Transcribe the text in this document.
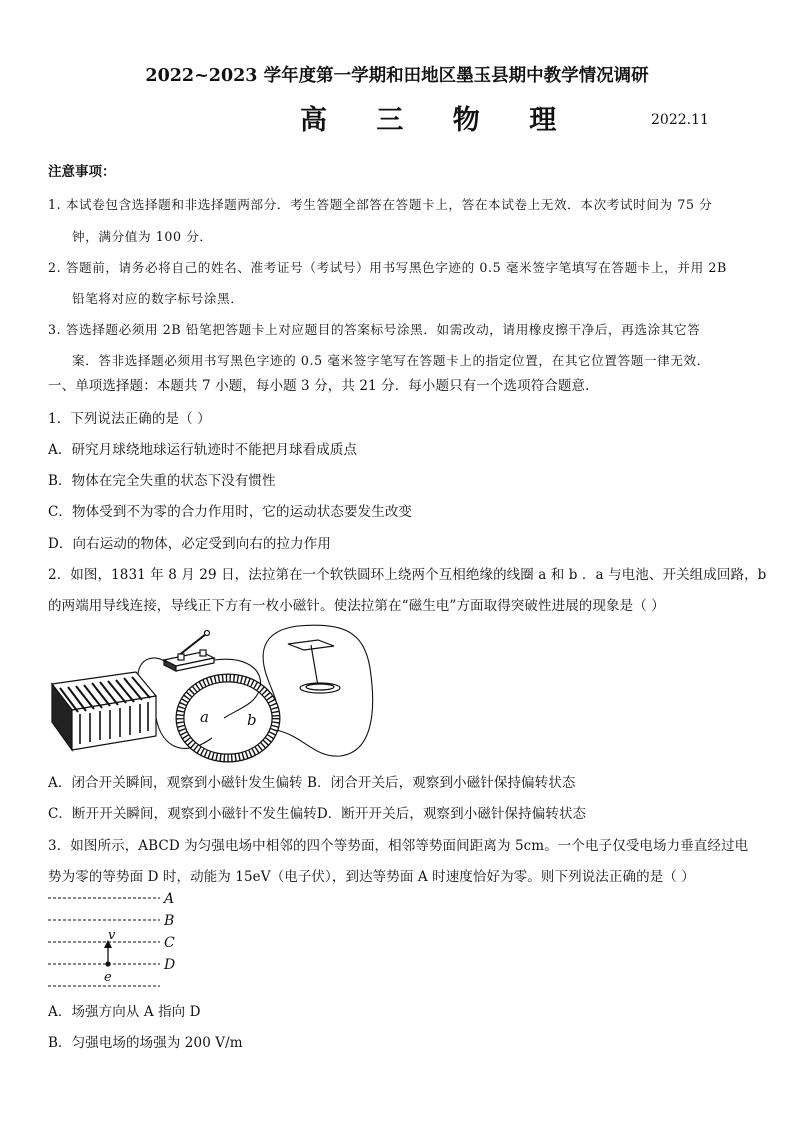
2022~2023 学年度第一学期和田地区墨玉县期中教学情况调研
高 三 物 理	2022.11
注意事项：
1. 本试卷包含选择题和非选择题两部分．考生答题全部答在答题卡上，答在本试卷上无效．本次考试时间为 75 分
钟，满分值为 100 分．
2. 答题前，请务必将自己的姓名、准考证号（考试号）用书写黑色字迹的 0.5 毫米签字笔填写在答题卡上，并用 2B
铅笔将对应的数字标号涂黑．
3. 答选择题必须用 2B 铅笔把答题卡上对应题目的答案标号涂黑．如需改动，请用橡皮擦干净后，再选涂其它答
案．答非选择题必须用书写黑色字迹的 0.5 毫米签字笔写在答题卡上的指定位置，在其它位置答题一律无效．
一、单项选择题：本题共 7 小题，每小题 3 分，共 21 分．每小题只有一个选项符合题意．
1．下列说法正确的是（ ）
A．研究月球绕地球运行轨迹时不能把月球看成质点
B．物体在完全失重的状态下没有惯性
C．物体受到不为零的合力作用时，它的运动状态要发生改变
D．向右运动的物体，必定受到向右的拉力作用
2．如图，1831 年 8 月 29 日，法拉第在一个软铁圆环上绕两个互相绝缘的线圈 a 和 b ．a 与电池、开关组成回路，b
的两端用导线连接，导线正下方有一枚小磁针。使法拉第在“磁生电”方面取得突破性进展的现象是（ ）
a	b
A．闭合开关瞬间，观察到小磁针发生偏转 B．闭合开关后，观察到小磁针保持偏转状态
C．断开开关瞬间，观察到小磁针不发生偏转D．断开开关后，观察到小磁针保持偏转状态
3．如图所示，ABCD 为匀强电场中相邻的四个等势面，相邻等势面间距离为 5cm。一个电子仅受电场力垂直经过电
势为零的等势面 D 时，动能为 15eV（电子伏），到达等势面 A 时速度恰好为零。则下列说法正确的是（ ）
A
B
C
D
v
e
A．场强方向从 A 指向 D
B．匀强电场的场强为 200 V/m
